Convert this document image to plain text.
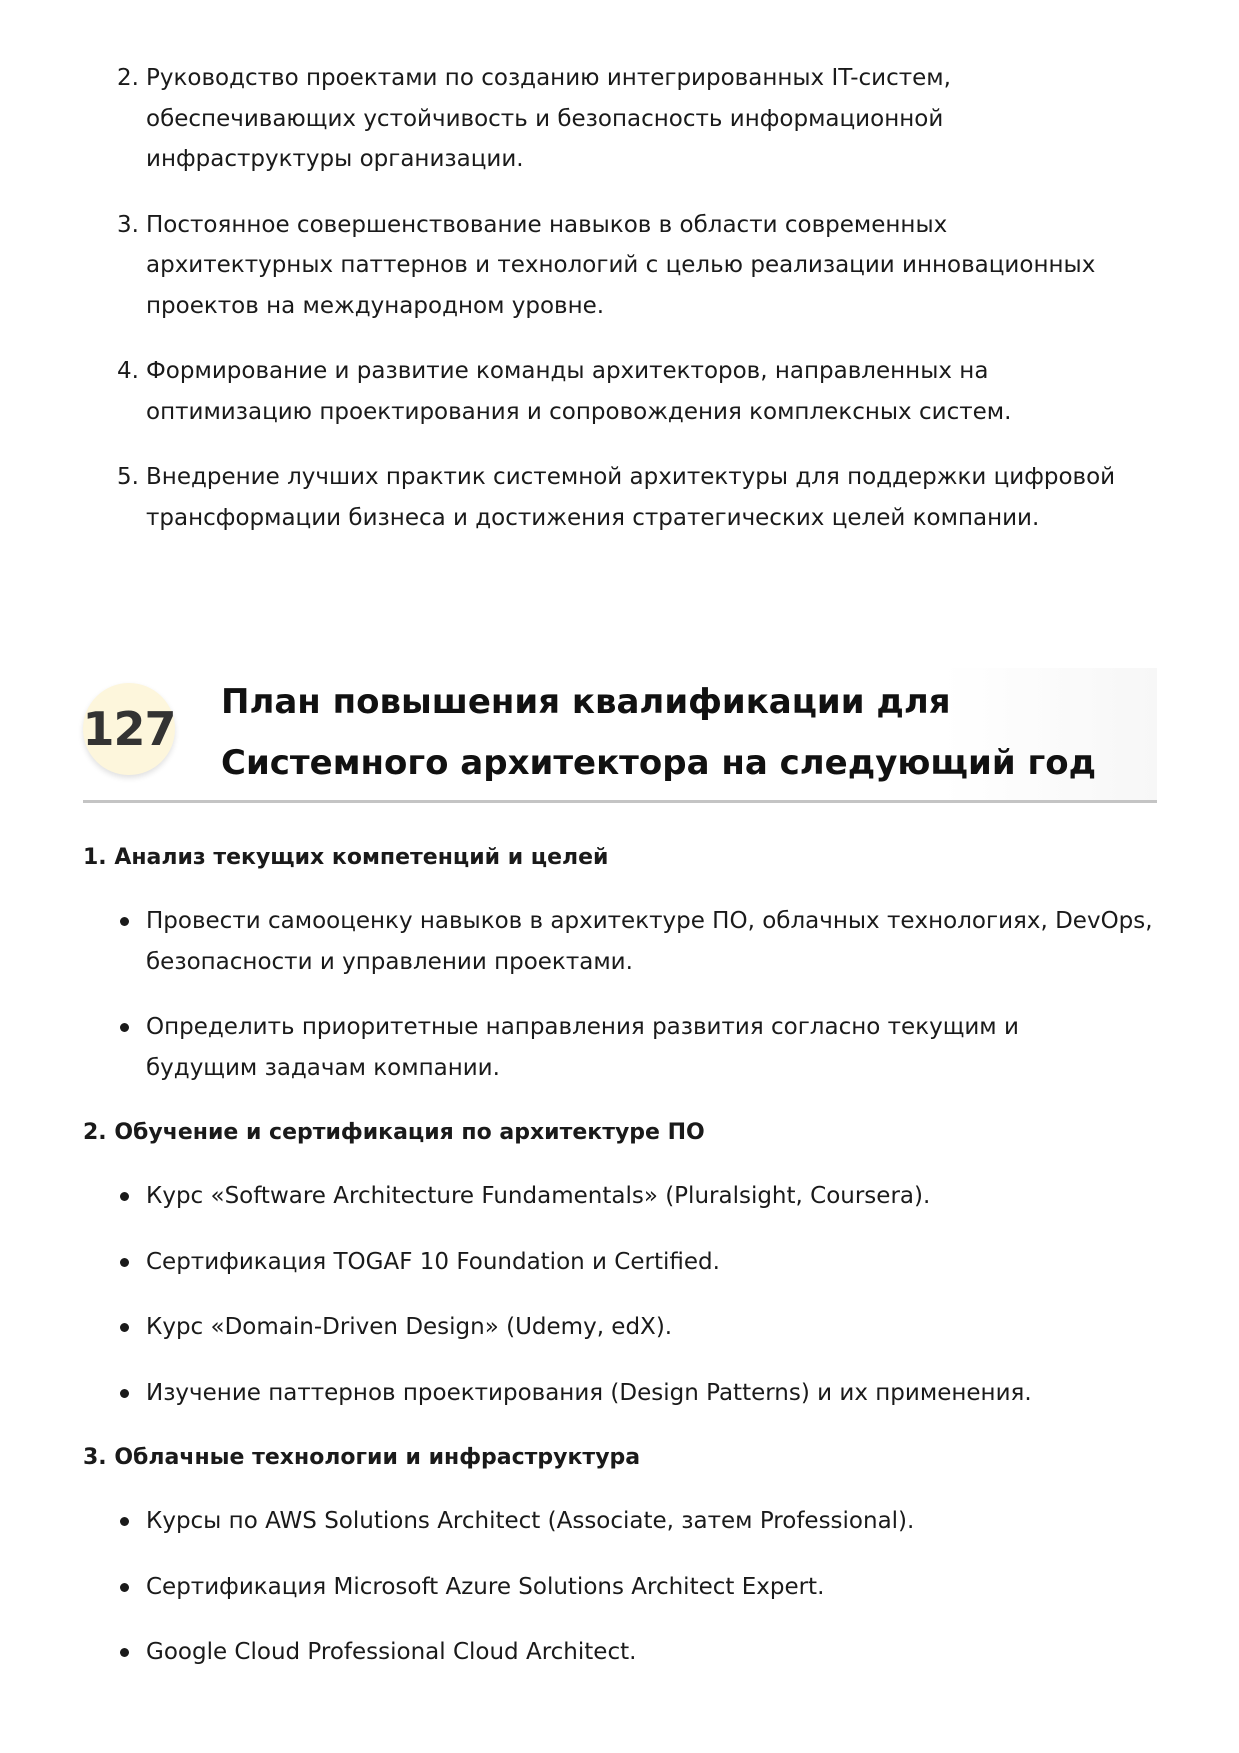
2. Руководство проектами по созданию интегрированных IT-систем, обеспечивающих устойчивость и безопасность информационной инфраструктуры организации.
3. Постоянное совершенствование навыков в области современных архитектурных паттернов и технологий с целью реализации инновационных проектов на международном уровне.
4. Формирование и развитие команды архитекторов, направленных на оптимизацию проектирования и сопровождения комплексных систем.
5. Внедрение лучших практик системной архитектуры для поддержки цифровой трансформации бизнеса и достижения стратегических целей компании.
127 План повышения квалификации для Системного архитектора на следующий год
1. Анализ текущих компетенций и целей
Провести самооценку навыков в архитектуре ПО, облачных технологиях, DevOps, безопасности и управлении проектами.
Определить приоритетные направления развития согласно текущим и будущим задачам компании.
2. Обучение и сертификация по архитектуре ПО
Курс «Software Architecture Fundamentals» (Pluralsight, Coursera).
Сертификация TOGAF 10 Foundation и Certified.
Курс «Domain-Driven Design» (Udemy, edX).
Изучение паттернов проектирования (Design Patterns) и их применения.
3. Облачные технологии и инфраструктура
Курсы по AWS Solutions Architect (Associate, затем Professional).
Сертификация Microsoft Azure Solutions Architect Expert.
Google Cloud Professional Cloud Architect.
